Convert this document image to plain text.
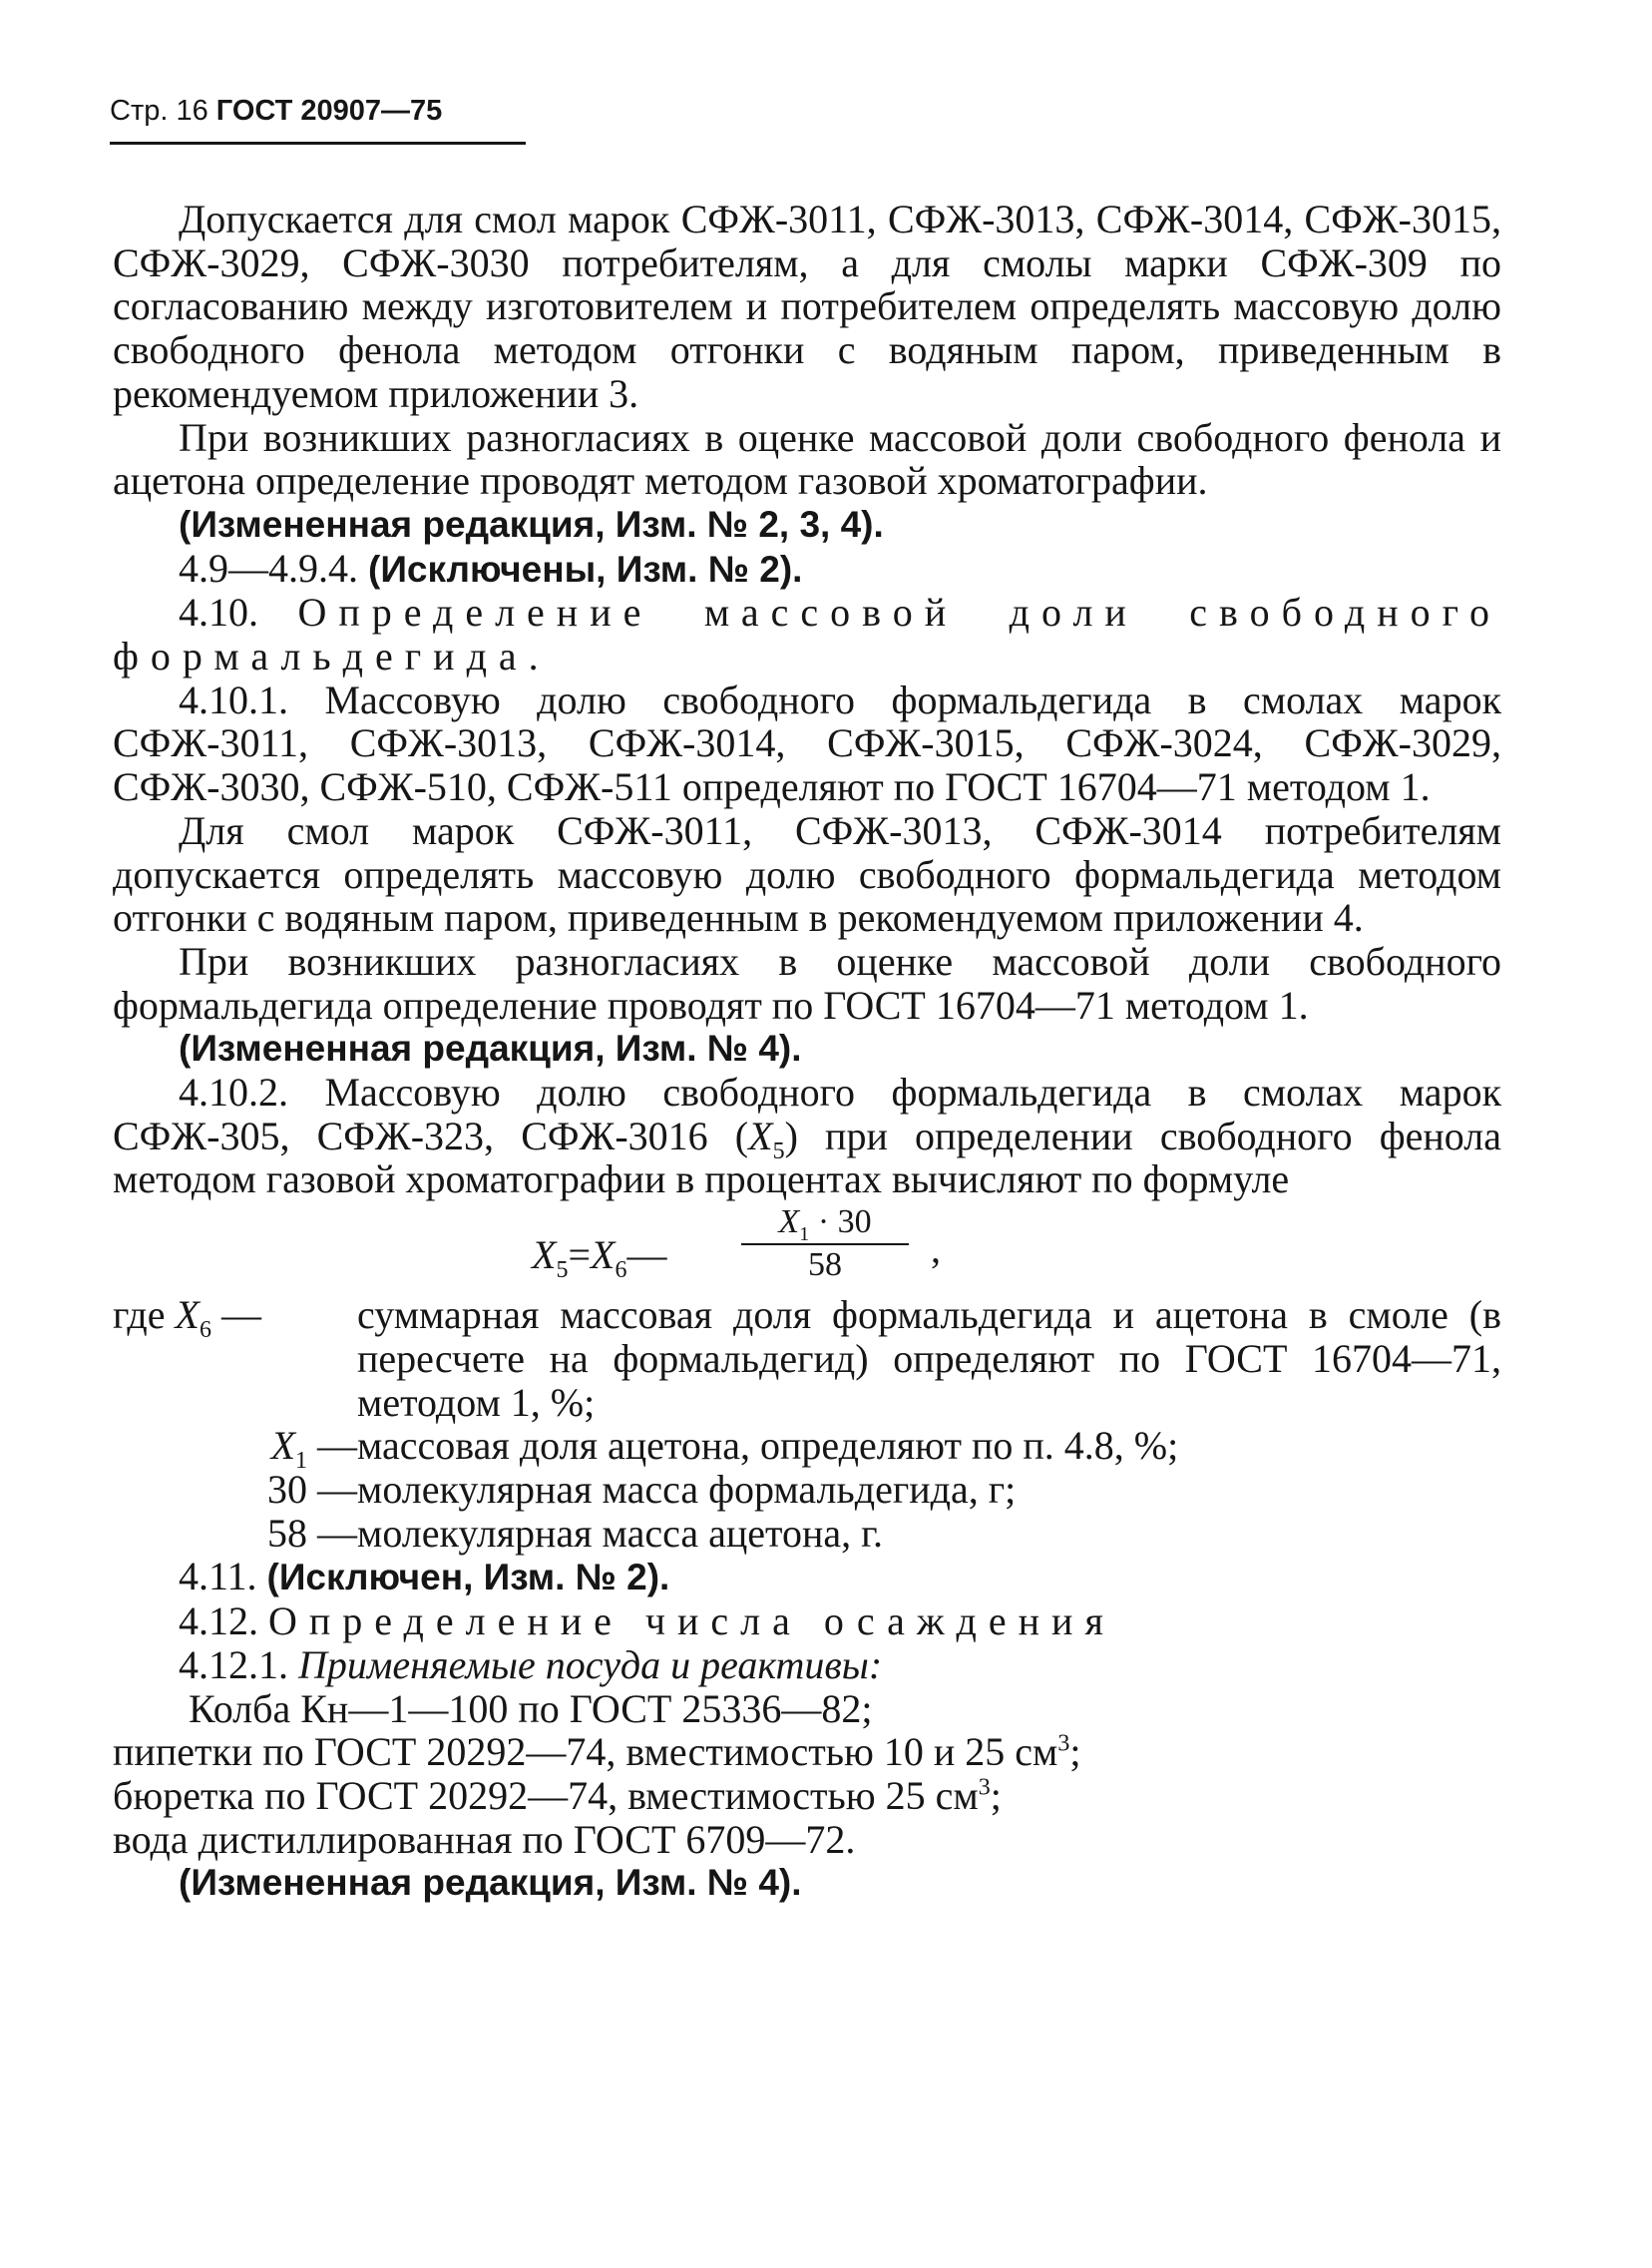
Стр. 16 ГОСТ 20907—75

Допускается для смол марок СФЖ-3011, СФЖ-3013, СФЖ-3014, СФЖ-3015, СФЖ-3029, СФЖ-3030 потребителям, а для смолы марки СФЖ-309 по согласованию между изготовителем и потребителем определять массовую долю свободного фенола методом отгонки с водяным паром, приведенным в рекомендуемом приложении 3.

При возникших разногласиях в оценке массовой доли свободного фенола и ацетона определение проводят методом газовой хроматографии.

(Измененная редакция, Изм. № 2, 3, 4).

4.9—4.9.4. (Исключены, Изм. № 2).

4.10. Определение массовой доли свободного формальдегида.

4.10.1. Массовую долю свободного формальдегида в смолах марок СФЖ-3011, СФЖ-3013, СФЖ-3014, СФЖ-3015, СФЖ-3024, СФЖ-3029, СФЖ-3030, СФЖ-510, СФЖ-511 определяют по ГОСТ 16704—71 методом 1.

Для смол марок СФЖ-3011, СФЖ-3013, СФЖ-3014 потребителям допускается определять массовую долю свободного формальдегида методом отгонки с водяным паром, приведенным в рекомендуемом приложении 4.

При возникших разногласиях в оценке массовой доли свободного формальдегида определение проводят по ГОСТ 16704—71 методом 1.

(Измененная редакция, Изм. № 4).

4.10.2. Массовую долю свободного формальдегида в смолах марок СФЖ-305, СФЖ-323, СФЖ-3016 $(X_5)$ при определении свободного фенола методом газовой хроматографии в процентах вычисляют по формуле

$X_5=X_6— \frac{X_1 \cdot 30}{58}$ ,
где $X_6$ —	суммарная массовая доля формальдегида и ацетона в смоле (в пересчете на формальдегид) определяют по ГОСТ 16704—71, методом 1, %;
$X_1$ — массовая доля ацетона, определяют по п. 4.8, %;
30 — молекулярная масса формальдегида, г;
58 — молекулярная масса ацетона, г.

4.11. (Исключен, Изм. № 2).

4.12. Определение числа осаждения

4.12.1. Применяемые посуда и реактивы:

Колба Кн—1—100 по ГОСТ 25336—82;

пипетки по ГОСТ 20292—74, вместимостью 10 и 25 $см^3$;

бюретка по ГОСТ 20292—74, вместимостью 25 $см^3$;

вода дистиллированная по ГОСТ 6709—72.

(Измененная редакция, Изм. № 4).
